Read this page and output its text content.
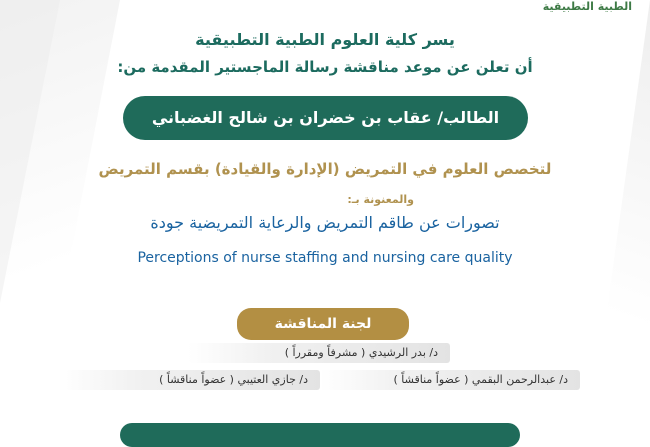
الطبية التطبيقية
يسر كلية العلوم الطبية التطبيقية
أن تعلن عن موعد مناقشة رسالة الماجستير المقدمة من:
الطالب/ عقاب بن خضران بن شالح الغضباني
لتخصص العلوم في التمريض (الإدارة والقيادة) بقسم التمريض
والمعنونة بـ:
تصورات عن طاقم التمريض والرعاية التمريضية جودة
Perceptions of nurse staffing and nursing care quality
لجنة المناقشة
د/ بدر الرشيدي ( مشرفاً ومقرراً )
د/ عبدالرحمن البقمي ( عضواً مناقشاً )
د/ جازي العتيبي ( عضواً مناقشاً )
